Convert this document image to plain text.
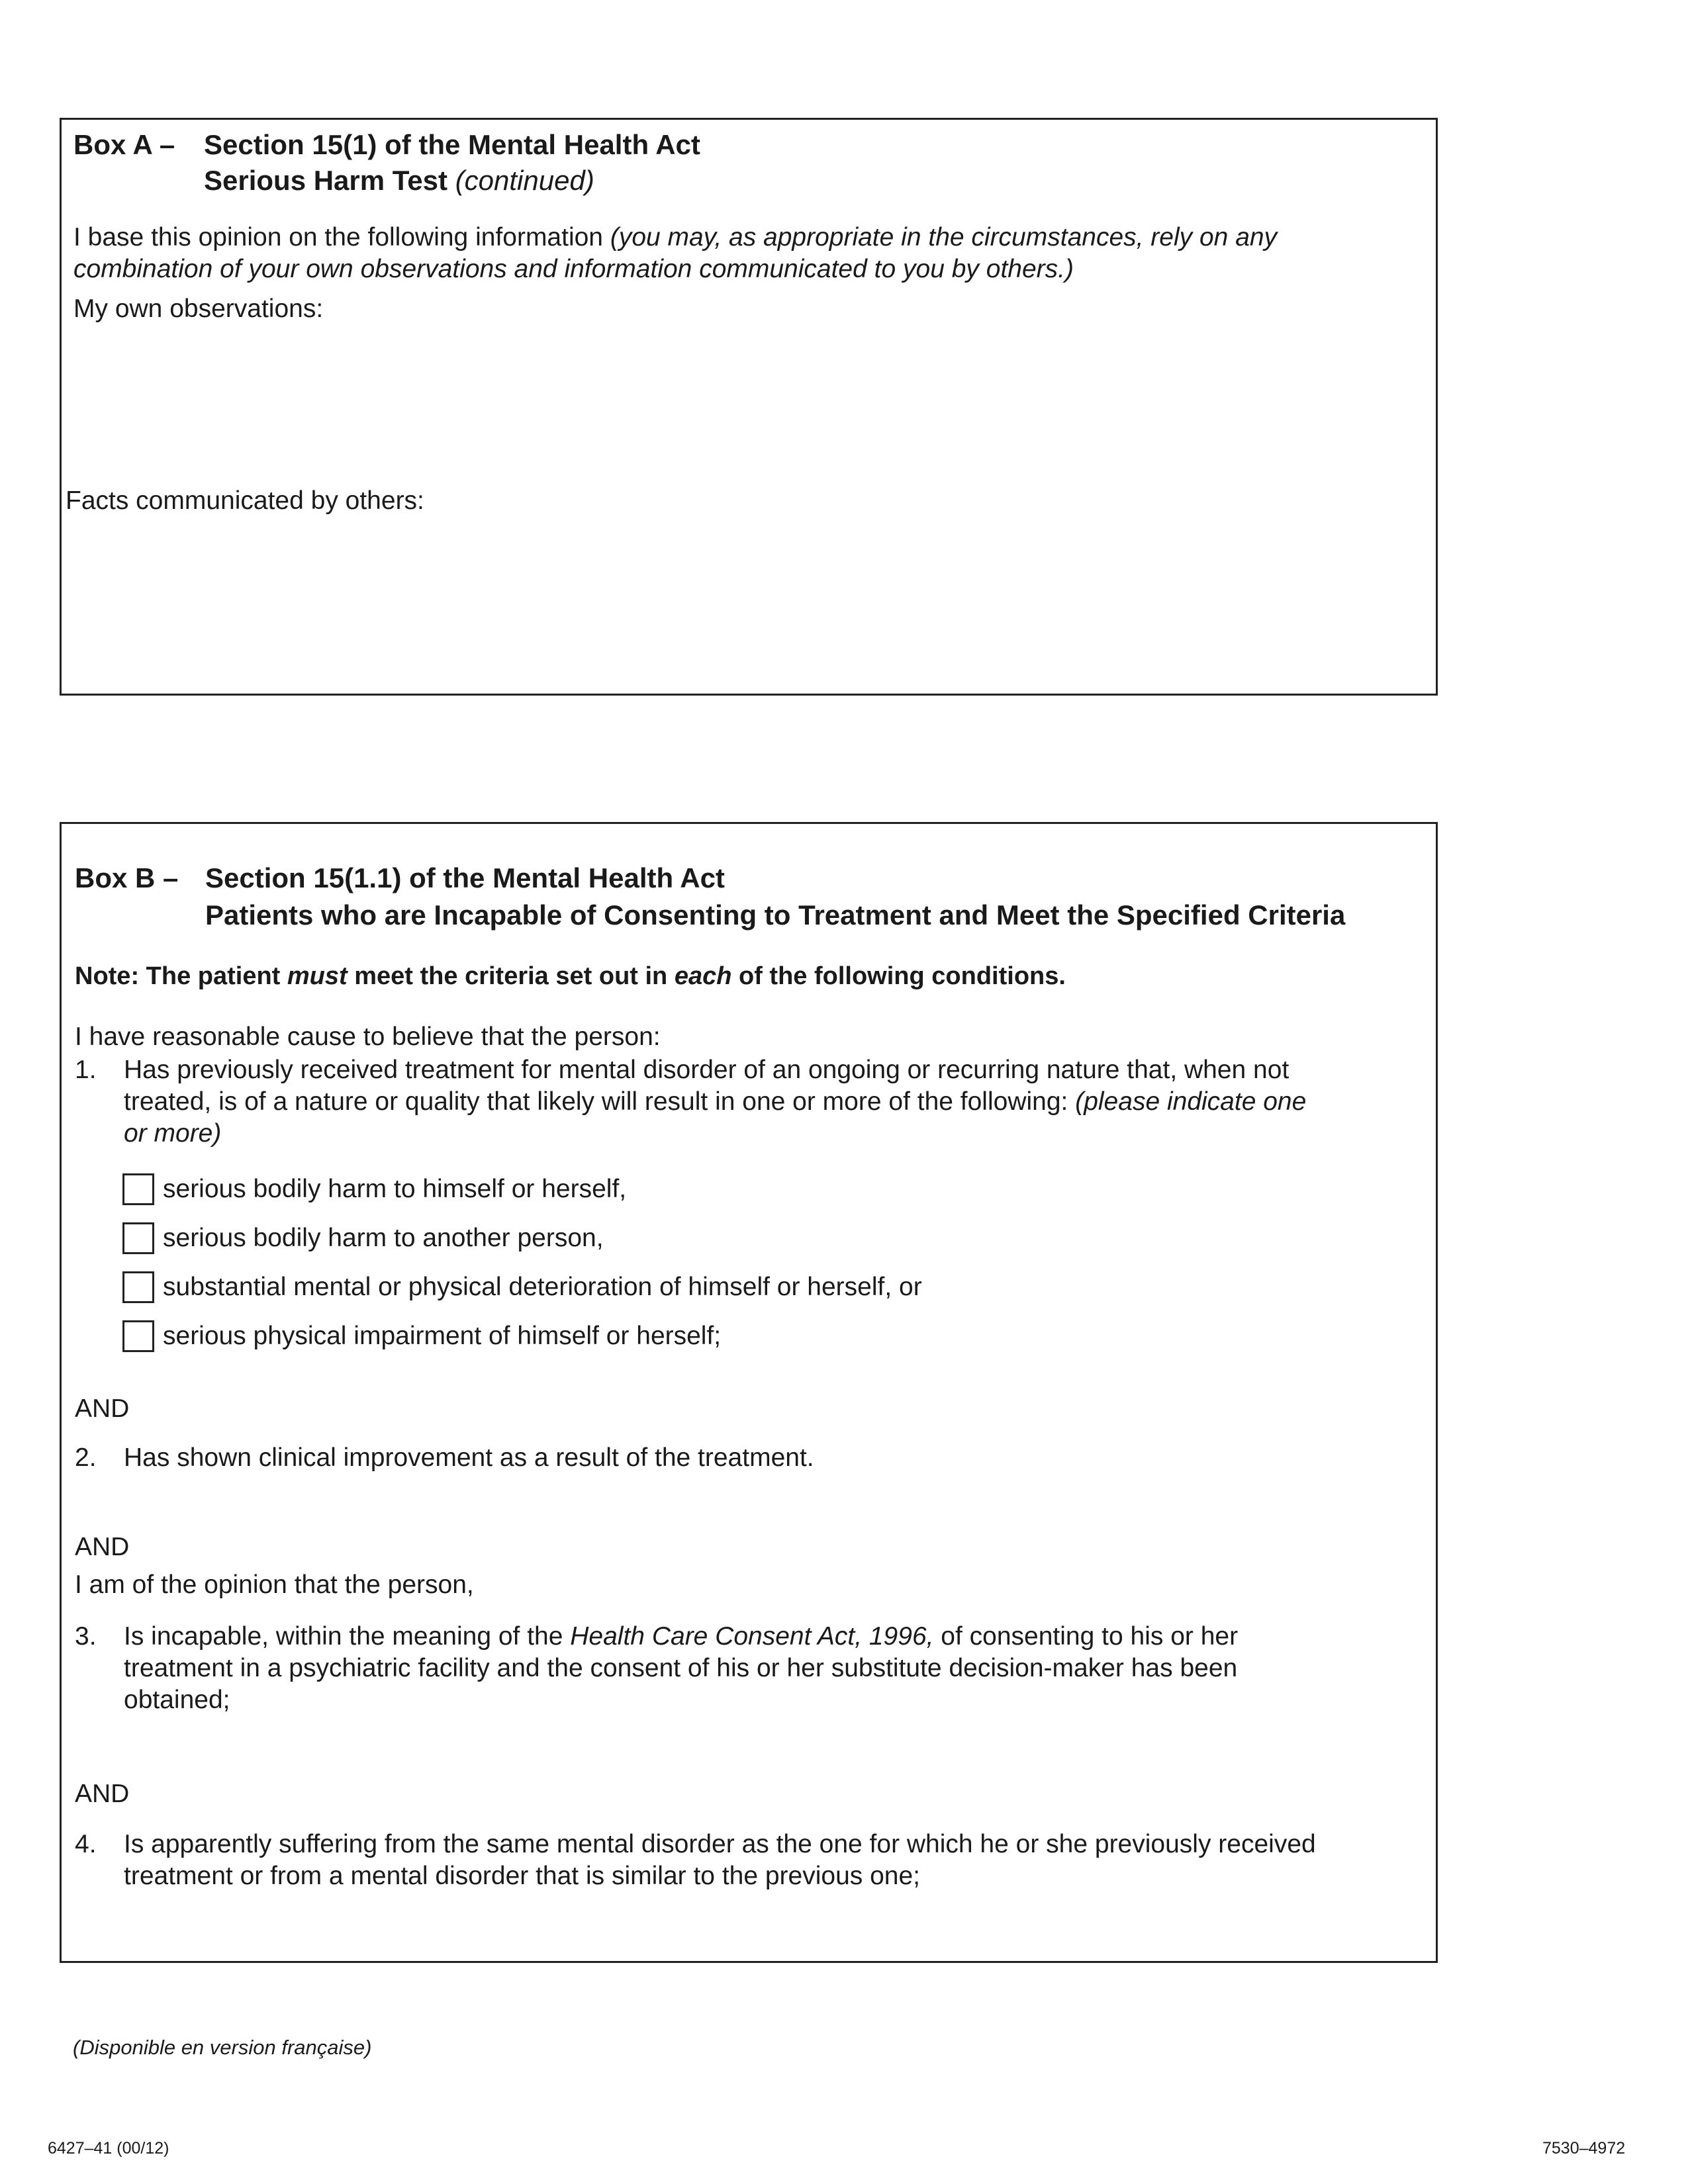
Box A – Section 15(1) of the Mental Health Act
Serious Harm Test (continued)
I base this opinion on the following information (you may, as appropriate in the circumstances, rely on any
combination of your own observations and information communicated to you by others.)
My own observations:
Facts communicated by others:
Box B – Section 15(1.1) of the Mental Health Act
Patients who are Incapable of Consenting to Treatment and Meet the Specified Criteria
Note: The patient must meet the criteria set out in each of the following conditions.
I have reasonable cause to believe that the person:
1. Has previously received treatment for mental disorder of an ongoing or recurring nature that, when not
treated, is of a nature or quality that likely will result in one or more of the following: (please indicate one
or more)
serious bodily harm to himself or herself,
serious bodily harm to another person,
substantial mental or physical deterioration of himself or herself, or
serious physical impairment of himself or herself;
AND
2. Has shown clinical improvement as a result of the treatment.
AND
I am of the opinion that the person,
3. Is incapable, within the meaning of the Health Care Consent Act, 1996, of consenting to his or her
treatment in a psychiatric facility and the consent of his or her substitute decision-maker has been
obtained;
AND
4. Is apparently suffering from the same mental disorder as the one for which he or she previously received
treatment or from a mental disorder that is similar to the previous one;
(Disponible en version française)
6427–41 (00/12)	7530–4972
